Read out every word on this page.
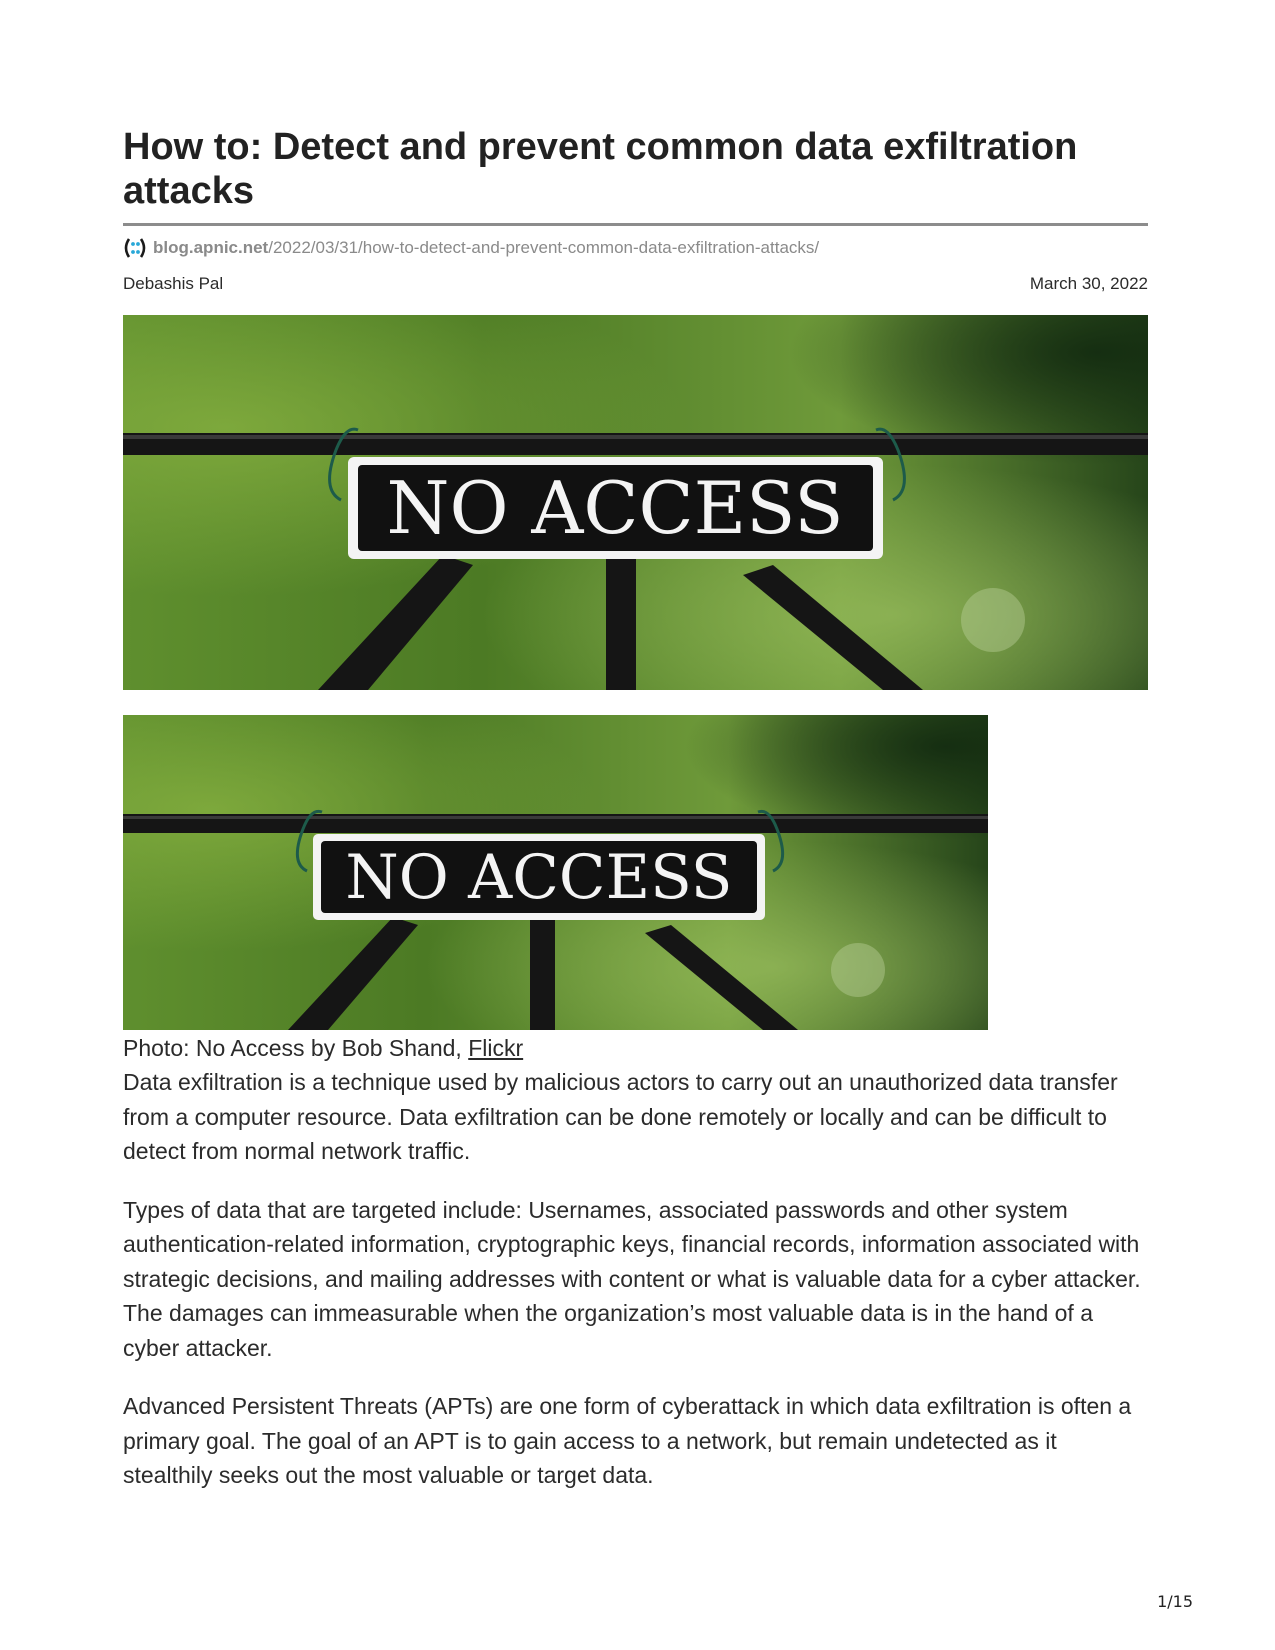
How to: Detect and prevent common data exfiltration attacks
blog.apnic.net /2022/03/31/how-to-detect-and-prevent-common-data-exfiltration-attacks/
Debashis Pal	March 30, 2022
NO ACCESS
NO ACCESS
Photo: No Access by Bob Shand, Flickr

Data exfiltration is a technique used by malicious actors to carry out an unauthorized data transfer from a computer resource. Data exfiltration can be done remotely or locally and can be difficult to detect from normal network traffic.

Types of data that are targeted include: Usernames, associated passwords and other system authentication-related information, cryptographic keys, financial records, information associated with strategic decisions, and mailing addresses with content or what is valuable data for a cyber attacker. The damages can immeasurable when the organization’s most valuable data is in the hand of a cyber attacker.

Advanced Persistent Threats (APTs) are one form of cyberattack in which data exfiltration is often a primary goal. The goal of an APT is to gain access to a network, but remain undetected as it stealthily seeks out the most valuable or target data.

1/15
